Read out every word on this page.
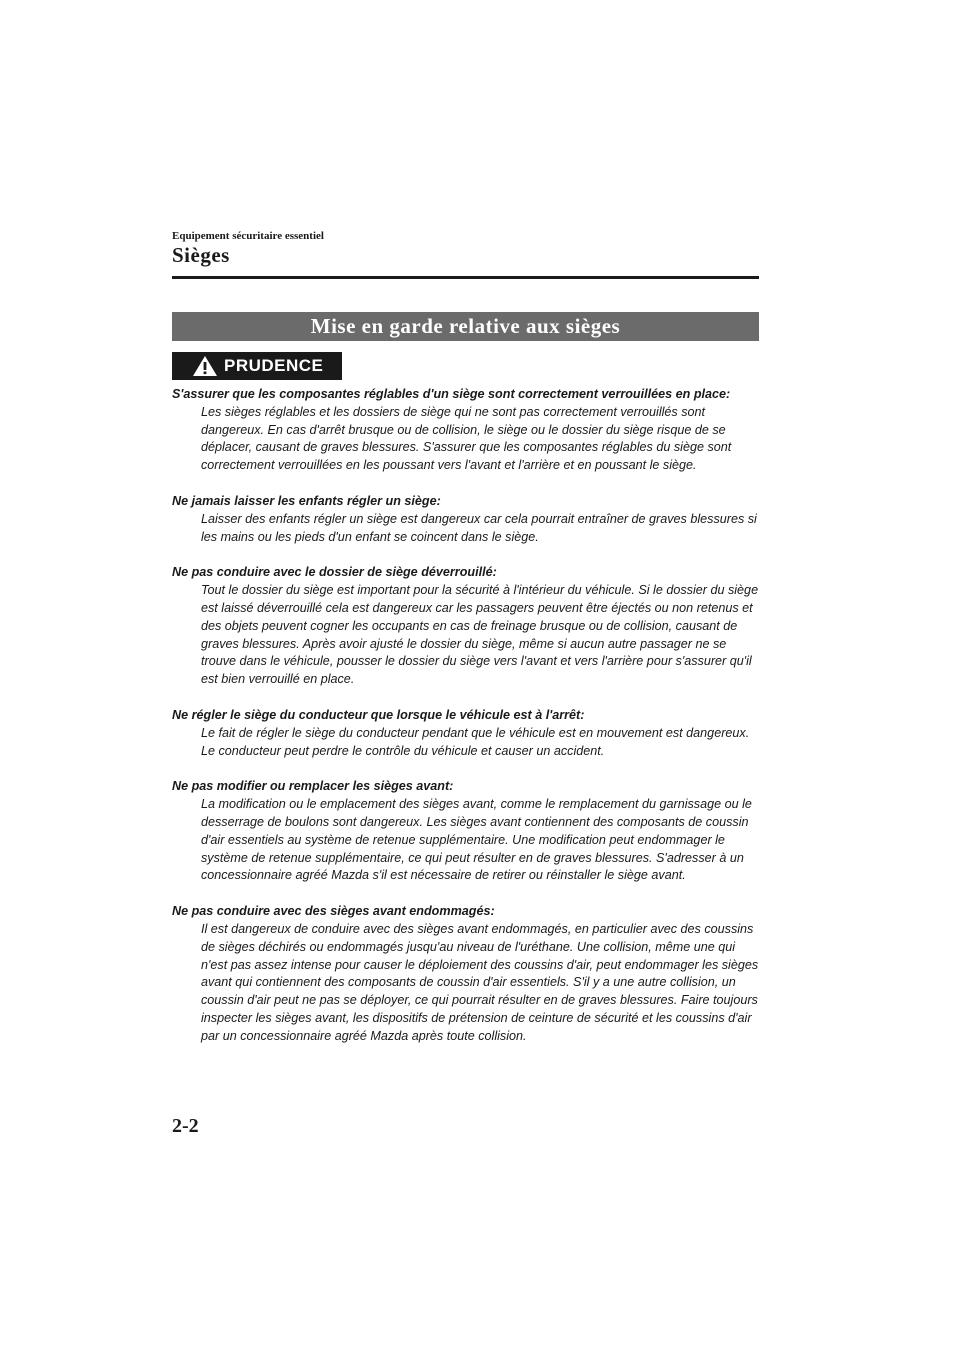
Equipement sécuritaire essentiel
Sièges
Mise en garde relative aux sièges
PRUDENCE
S'assurer que les composantes réglables d'un siège sont correctement verrouillées en place:
Les sièges réglables et les dossiers de siège qui ne sont pas correctement verrouillés sont dangereux. En cas d'arrêt brusque ou de collision, le siège ou le dossier du siège risque de se déplacer, causant de graves blessures. S'assurer que les composantes réglables du siège sont correctement verrouillées en les poussant vers l'avant et l'arrière et en poussant le siège.
Ne jamais laisser les enfants régler un siège:
Laisser des enfants régler un siège est dangereux car cela pourrait entraîner de graves blessures si les mains ou les pieds d'un enfant se coincent dans le siège.
Ne pas conduire avec le dossier de siège déverrouillé:
Tout le dossier du siège est important pour la sécurité à l'intérieur du véhicule. Si le dossier du siège est laissé déverrouillé cela est dangereux car les passagers peuvent être éjectés ou non retenus et des objets peuvent cogner les occupants en cas de freinage brusque ou de collision, causant de graves blessures. Après avoir ajusté le dossier du siège, même si aucun autre passager ne se trouve dans le véhicule, pousser le dossier du siège vers l'avant et vers l'arrière pour s'assurer qu'il est bien verrouillé en place.
Ne régler le siège du conducteur que lorsque le véhicule est à l'arrêt:
Le fait de régler le siège du conducteur pendant que le véhicule est en mouvement est dangereux. Le conducteur peut perdre le contrôle du véhicule et causer un accident.
Ne pas modifier ou remplacer les sièges avant:
La modification ou le emplacement des sièges avant, comme le remplacement du garnissage ou le desserrage de boulons sont dangereux. Les sièges avant contiennent des composants de coussin d'air essentiels au système de retenue supplémentaire. Une modification peut endommager le système de retenue supplémentaire, ce qui peut résulter en de graves blessures. S'adresser à un concessionnaire agréé Mazda s'il est nécessaire de retirer ou réinstaller le siège avant.
Ne pas conduire avec des sièges avant endommagés:
Il est dangereux de conduire avec des sièges avant endommagés, en particulier avec des coussins de sièges déchirés ou endommagés jusqu'au niveau de l'uréthane. Une collision, même une qui n'est pas assez intense pour causer le déploiement des coussins d'air, peut endommager les sièges avant qui contiennent des composants de coussin d'air essentiels. S'il y a une autre collision, un coussin d'air peut ne pas se déployer, ce qui pourrait résulter en de graves blessures. Faire toujours inspecter les sièges avant, les dispositifs de prétension de ceinture de sécurité et les coussins d'air par un concessionnaire agréé Mazda après toute collision.
2-2
